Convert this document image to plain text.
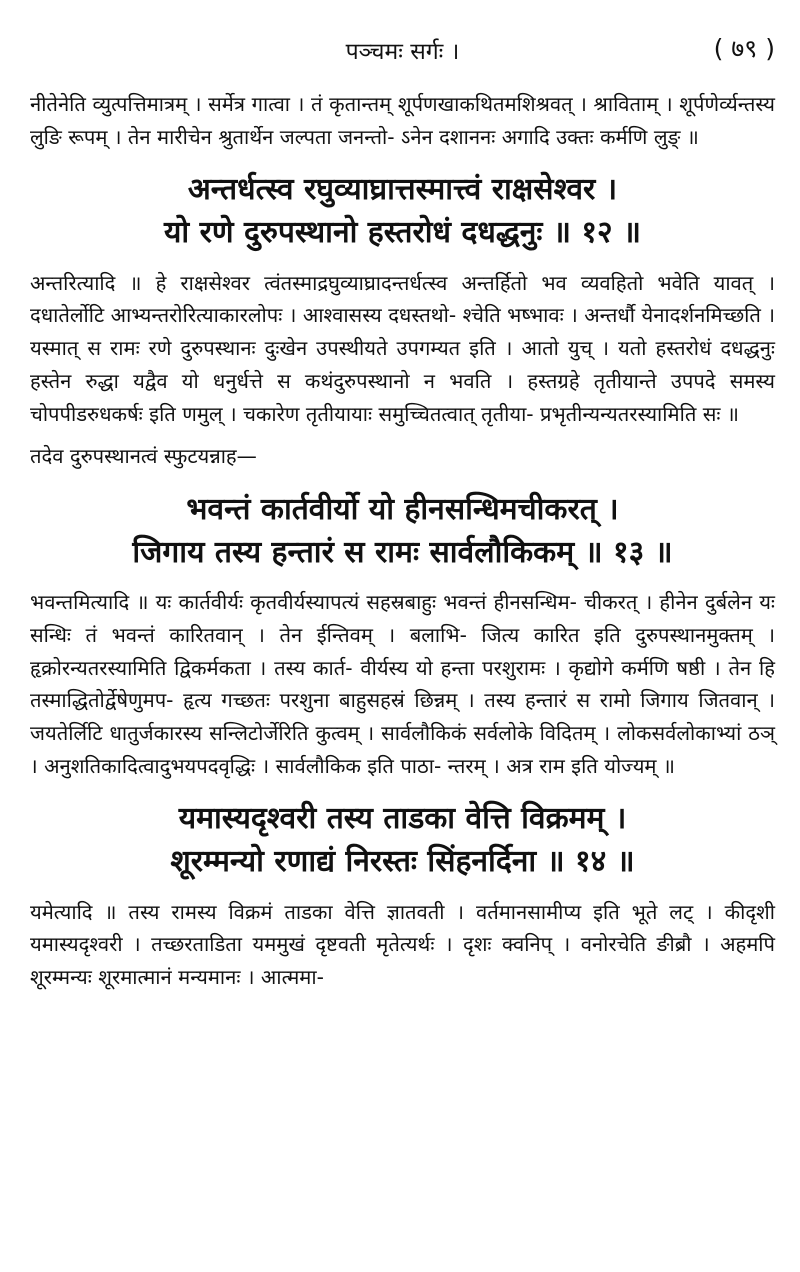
पञ्चमः सर्गः ।	( ७९ )

नीतेनेति व्युत्पत्तिमात्रम् । सर्मेत्र गात्वा । तं कृतान्तम् शूर्पणखाकथितमशिश्रवत् । श्राविताम् । शूर्पणेर्व्यन्तस्य लुङि रूपम् । तेन मारीचेन श्रुतार्थेन जल्पता जनन्तो- ऽनेन दशाननः अगादि उक्तः कर्मणि लुङ् ॥

अन्तर्धत्स्व रघुव्याघ्रात्तस्मात्त्वं राक्षसेश्वर ।
यो रणे दुरुपस्थानो हस्तरोधं दधद्धनुः ॥ १२ ॥

अन्तरित्यादि ॥ हे राक्षसेश्वर त्वंतस्माद्रघुव्याघ्रादन्तर्धत्स्व अन्तर्हितो भव व्यवहितो भवेति यावत् । दधातेर्लोटि आभ्यन्तरोरित्याकारलोपः । आश्वासस्य दधस्तथो- श्चेति भष्भावः । अन्तर्धौ येनादर्शनमिच्छति । यस्मात् स रामः रणे दुरुपस्थानः दुःखेन उपस्थीयते उपगम्यत इति । आतो युच् । यतो हस्तरोधं दधद्धनुः हस्तेन रुद्धा यद्वैव यो धनुर्धत्ते स कथंदुरुपस्थानो न भवति । हस्तग्रहे तृतीयान्ते उपपदे समस्य चोपपीडरुधकर्षः इति णमुल् । चकारेण तृतीयायाः समुच्चितत्वात् तृतीया- प्रभृतीन्यन्यतरस्यामिति सः ॥

तदेव दुरुपस्थानत्वं स्फुटयन्नाह—

भवन्तं कार्तवीर्यो यो हीनसन्धिमचीकरत् ।
जिगाय तस्य हन्तारं स रामः सार्वलौकिकम् ॥ १३ ॥

भवन्तमित्यादि ॥ यः कार्तवीर्यः कृतवीर्यस्यापत्यं सहस्रबाहुः भवन्तं हीनसन्धिम- चीकरत् । हीनेन दुर्बलेन यः सन्धिः तं भवन्तं कारितवान् । तेन ईन्तिवम् । बलाभि- जित्य कारित इति दुरुपस्थानमुक्तम् । हृक्रोरन्यतरस्यामिति द्विकर्मकता । तस्य कार्त- वीर्यस्य यो हन्ता परशुरामः । कृद्योगे कर्मणि षष्ठी । तेन हि तस्माद्धितोर्द्वेषेणुमप- हृत्य गच्छतः परशुना बाहुसहस्रं छिन्नम् । तस्य हन्तारं स रामो जिगाय जितवान् । जयतेर्लिटि धातुर्जकारस्य सन्लिटोर्जेरिति कुत्वम् । सार्वलौकिकं सर्वलोके विदितम् । लोकसर्वलोकाभ्यां ठञ् । अनुशतिकादित्वादुभयपदवृद्धिः । सार्वलौकिक इति पाठा- न्तरम् । अत्र राम इति योज्यम् ॥

यमास्यदृश्वरी तस्य ताडका वेत्ति विक्रमम् ।
शूरम्मन्यो रणाद्यं निरस्तः सिंहनर्दिना ॥ १४ ॥

यमेत्यादि ॥ तस्य रामस्य विक्रमं ताडका वेत्ति ज्ञातवती । वर्तमानसामीप्य इति भूते लट् । कीदृशी यमास्यदृश्वरी । तच्छरताडिता यममुखं दृष्टवती मृतेत्यर्थः । दृशः क्वनिप् । वनोरचेति ङीब्रौ । अहमपि शूरम्मन्यः शूरमात्मानं मन्यमानः । आत्ममा-
